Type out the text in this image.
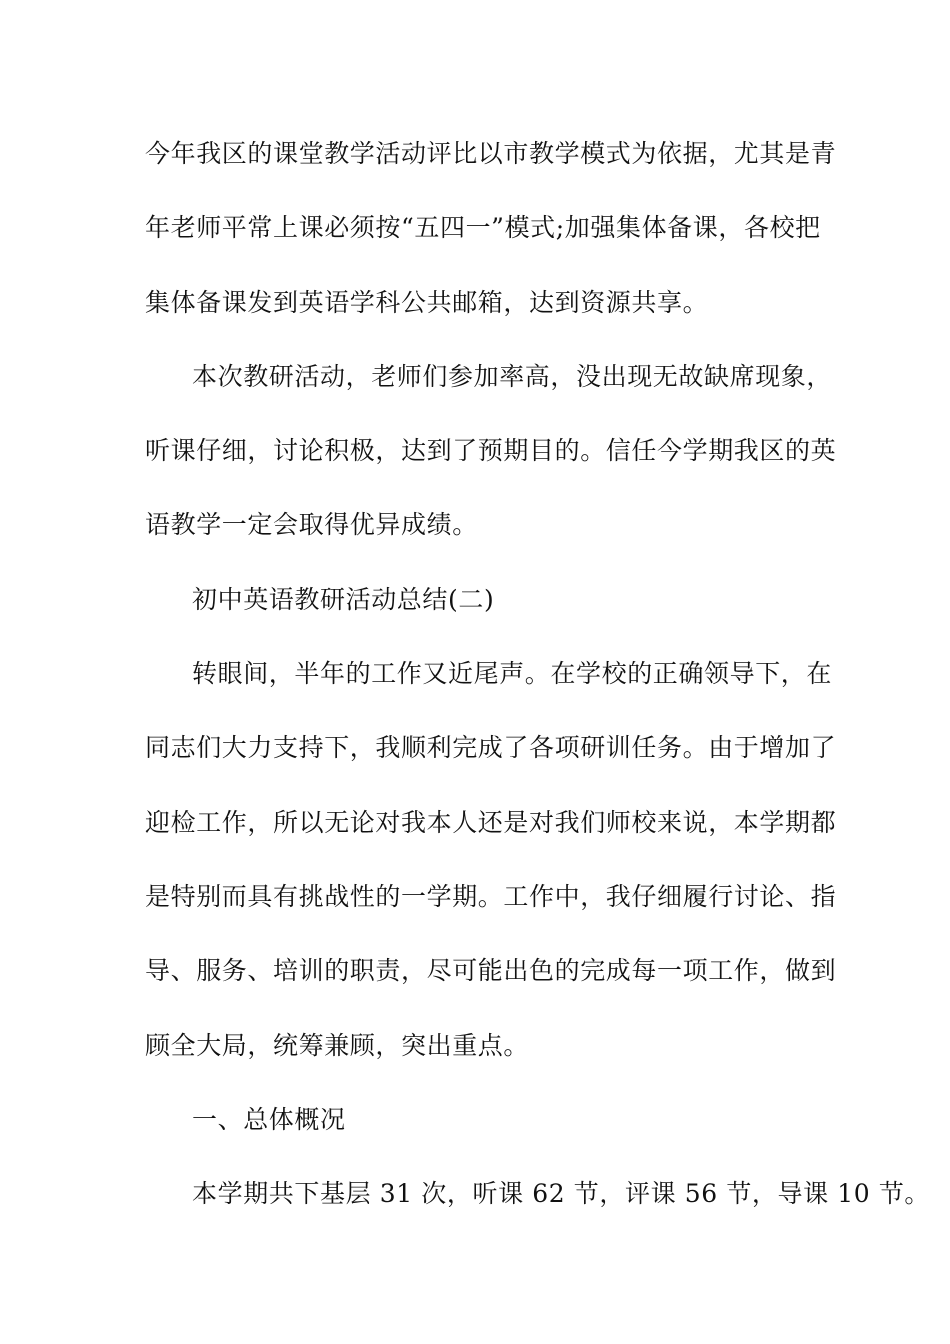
今年我区的课堂教学活动评比以市教学模式为依据，尤其是青
年老师平常上课必须按“五四一”模式;加强集体备课，各校把
集体备课发到英语学科公共邮箱，达到资源共享。
本次教研活动，老师们参加率高，没出现无故缺席现象，
听课仔细，讨论积极，达到了预期目的。信任今学期我区的英
语教学一定会取得优异成绩。
初中英语教研活动总结(二)
转眼间，半年的工作又近尾声。在学校的正确领导下，在
同志们大力支持下，我顺利完成了各项研训任务。由于增加了
迎检工作，所以无论对我本人还是对我们师校来说，本学期都
是特别而具有挑战性的一学期。工作中，我仔细履行讨论、指
导、服务、培训的职责，尽可能出色的完成每一项工作，做到
顾全大局，统筹兼顾，突出重点。
一、总体概况
本学期共下基层 31 次，听课 62 节，评课 56 节，导课 10 节。
